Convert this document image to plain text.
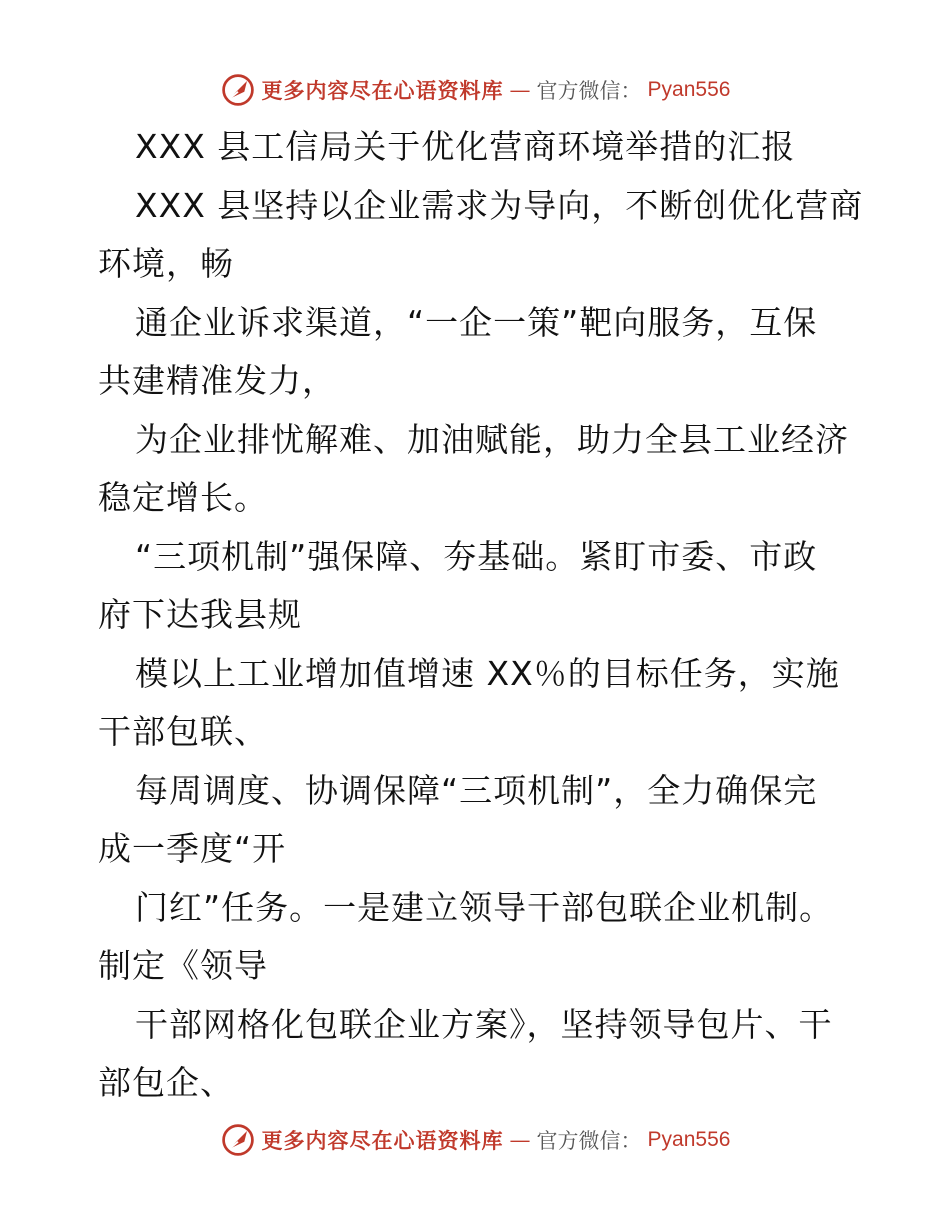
更多内容尽在心语资料库 — 官方微信： Pyan556
XXX 县工信局关于优化营商环境举措的汇报
XXX 县坚持以企业需求为导向，不断创优化营商
环境，畅
通企业诉求渠道，“一企一策”靶向服务，互保
共建精准发力，
为企业排忧解难、加油赋能，助力全县工业经济
稳定增长。
“三项机制”强保障、夯基础。紧盯市委、市政
府下达我县规
模以上工业增加值增速 XX％的目标任务，实施
干部包联、
每周调度、协调保障“三项机制”，全力确保完
成一季度“开
门红”任务。一是建立领导干部包联企业机制。
制定《领导
干部网格化包联企业方案》，坚持领导包片、干
部包企、
更多内容尽在心语资料库 — 官方微信： Pyan556
